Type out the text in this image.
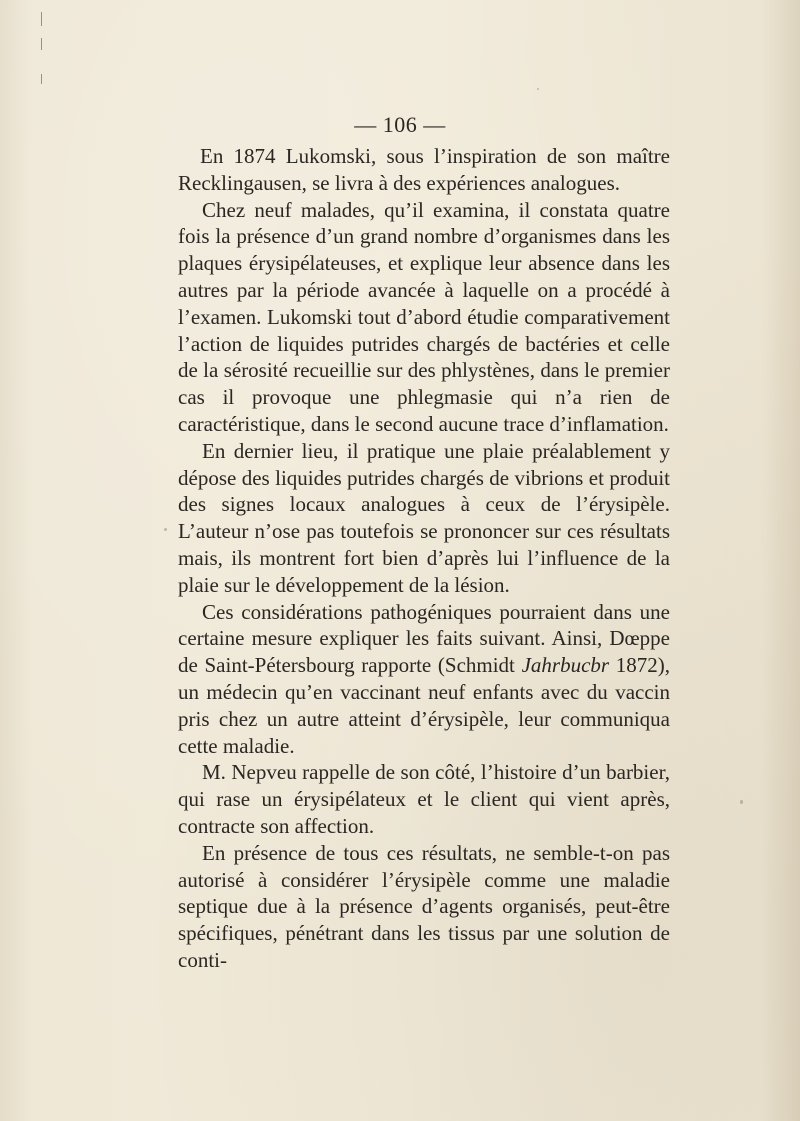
— 106 —

En 1874 Lukomski, sous l’inspiration de son maître Recklingausen, se livra à des expériences analogues.

Chez neuf malades, qu’il examina, il constata quatre fois la présence d’un grand nombre d’organismes dans les plaques érysipélateuses, et explique leur absence dans les autres par la période avancée à laquelle on a procédé à l’examen. Lukomski tout d’abord étudie comparativement l’action de liquides putrides chargés de bactéries et celle de la sérosité recueillie sur des phlystènes, dans le premier cas il provoque une phlegmasie qui n’a rien de caractéristique, dans le second aucune trace d’inflamation.

En dernier lieu, il pratique une plaie préalablement y dépose des liquides putrides chargés de vibrions et produit des signes locaux analogues à ceux de l’érysipèle. L’auteur n’ose pas toutefois se prononcer sur ces résultats mais, ils montrent fort bien d’après lui l’influence de la plaie sur le développement de la lésion.

Ces considérations pathogéniques pourraient dans une certaine mesure expliquer les faits suivant. Ainsi, Dœppe de Saint-Pétersbourg rapporte (Schmidt Jahrbucbr 1872), un médecin qu’en vaccinant neuf enfants avec du vaccin pris chez un autre atteint d’érysipèle, leur communiqua cette maladie.

M. Nepveu rappelle de son côté, l’histoire d’un barbier, qui rase un érysipélateux et le client qui vient après, contracte son affection.

En présence de tous ces résultats, ne semble-t-on pas autorisé à considérer l’érysipèle comme une maladie septique due à la présence d’agents organisés, peut-être spécifiques, pénétrant dans les tissus par une solution de conti-
